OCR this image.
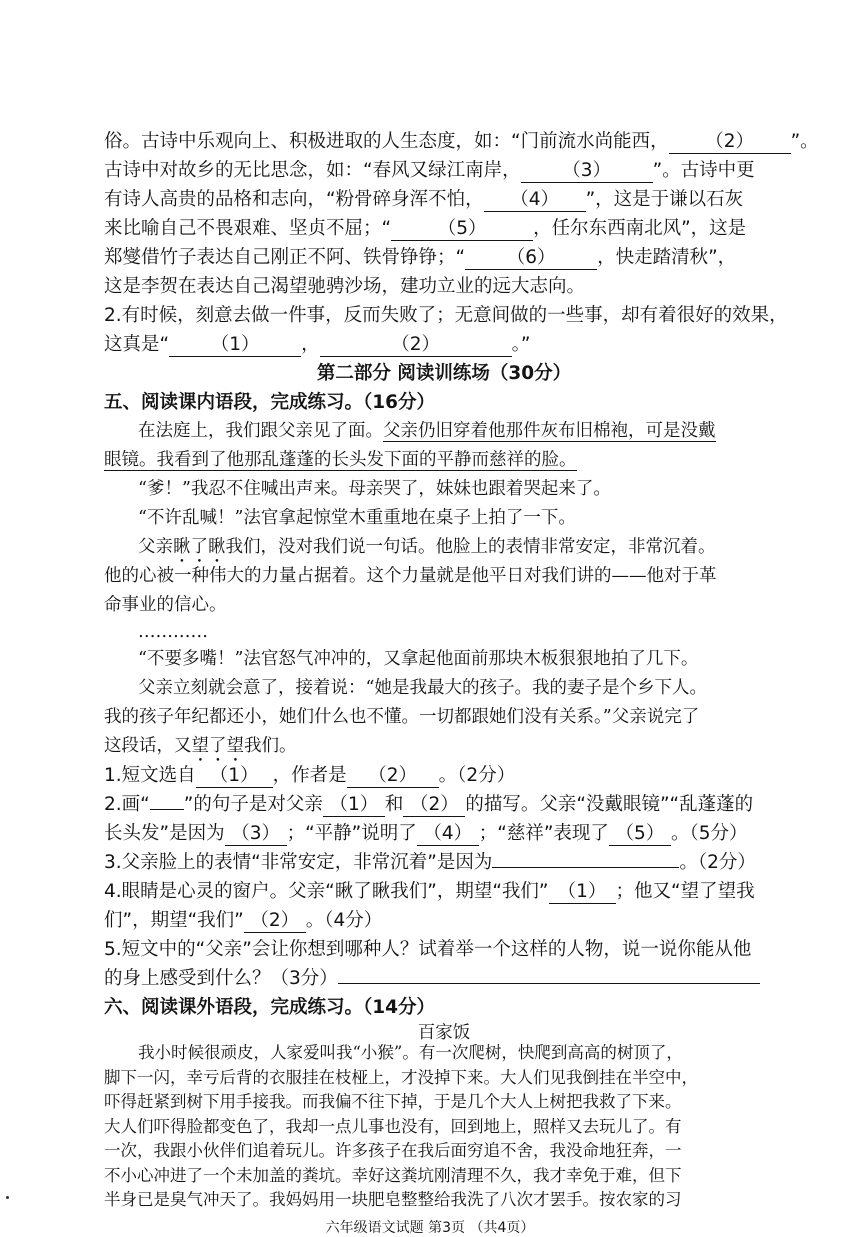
俗。古诗中乐观向上、积极进取的人生态度，如：“门前流水尚能西， （2） ”。
古诗中对故乡的无比思念，如：“春风又绿江南岸， （3） ”。古诗中更
有诗人高贵的品格和志向，“粉骨碎身浑不怕， （4） ”，这是于谦以石灰
来比喻自己不畏艰难、坚贞不屈；“	（5）	，任尔东西南北风”，这是
郑燮借竹子表达自己刚正不阿、铁骨铮铮；“ （6） ，快走踏清秋”，
这是李贺在表达自己渴望驰骋沙场，建功立业的远大志向。
2.有时候，刻意去做一件事，反而失败了；无意间做的一些事，却有着很好的效果，
这真是“ （1） ，	（2）	。”
第二部分 阅读训练场（30分）
五、阅读课内语段，完成练习。（16分）
在法庭上，我们跟父亲见了面。父亲仍旧穿着他那件灰布旧棉袍，可是没戴
眼镜。我看到了他那乱蓬蓬的长头发下面的平静而慈祥的脸。
“爹！”我忍不住喊出声来。母亲哭了，妹妹也跟着哭起来了。
“不许乱喊！”法官拿起惊堂木重重地在桌子上拍了一下。
父亲瞅了瞅我们，没对我们说一句话。他脸上的表情非常安定，非常沉着。
他的心被一种伟大的力量占据着。这个力量就是他平日对我们讲的——他对于革
命事业的信心。
…………
“不要多嘴！”法官怒气冲冲的，又拿起他面前那块木板狠狠地拍了几下。
父亲立刻就会意了，接着说：“她是我最大的孩子。我的妻子是个乡下人。
我的孩子年纪都还小，她们什么也不懂。一切都跟她们没有关系。”父亲说完了
这段话，又望了望我们。
1.短文选自 （1） ，作者是 （2） 。（2分）
2.画“ ”的句子是对父亲 （1） 和 （2） 的描写。父亲“没戴眼镜”“乱蓬蓬的
长头发”是因为 （3） ；“平静”说明了 （4） ；“慈祥”表现了 （5） 。（5分）
3.父亲脸上的表情“非常安定，非常沉着”是因为	。（2分）
4.眼睛是心灵的窗户。父亲“瞅了瞅我们”，期望“我们” （1） ；他又“望了望我
们”，期望“我们” （2） 。（4分）
5.短文中的“父亲”会让你想到哪种人？试着举一个这样的人物，说一说你能从他
的身上感受到什么？（3分）
六、阅读课外语段，完成练习。（14分）
百家饭
我小时候很顽皮，人家爱叫我“小猴”。有一次爬树，快爬到高高的树顶了，
脚下一闪，幸亏后背的衣服挂在枝桠上，才没掉下来。大人们见我倒挂在半空中，
吓得赶紧到树下用手接我。而我偏不往下掉，于是几个大人上树把我救了下来。
大人们吓得脸都变色了，我却一点儿事也没有，回到地上，照样又去玩儿了。有
一次，我跟小伙伴们追着玩儿。许多孩子在我后面穷追不舍，我没命地狂奔，一
不小心冲进了一个未加盖的粪坑。幸好这粪坑刚清理不久，我才幸免于难，但下
半身已是臭气冲天了。我妈妈用一块肥皂整整给我洗了八次才罢手。按农家的习
六年级语文试题 第3页 （共4页）
